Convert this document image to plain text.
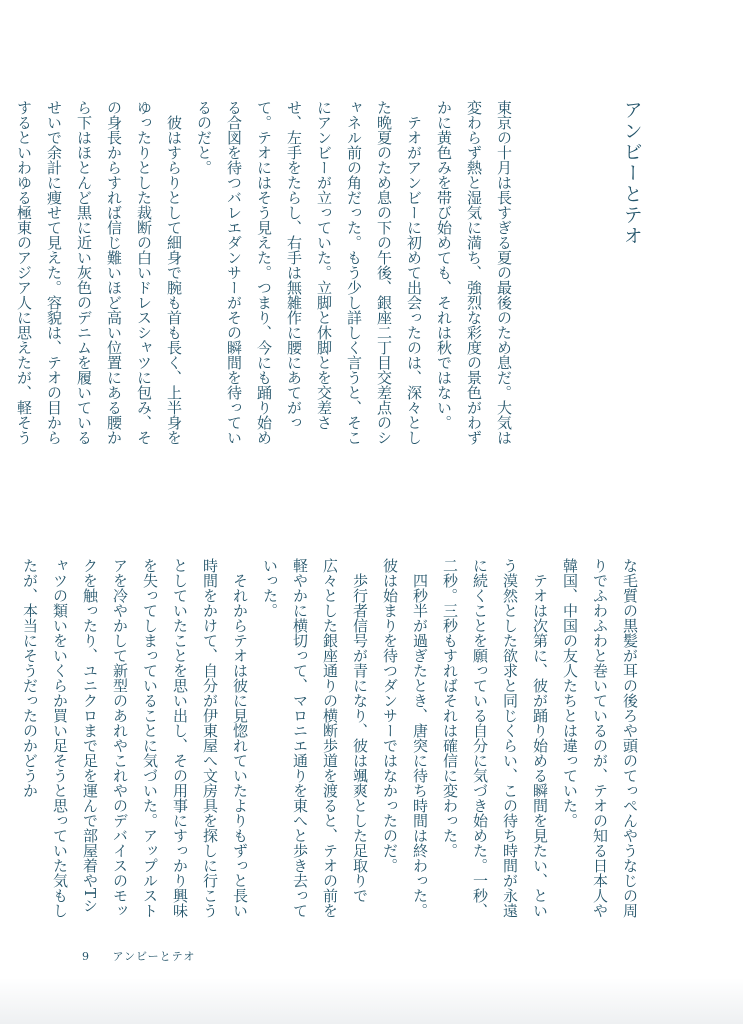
アンビーとテオ

東京の十月は長すぎる夏の最後のため息だ。大気は変わらず熱と湿気に満ち、強烈な彩度の景色がわずかに黄色みを帯び始めても、それは秋ではない。

テオがアンビーに初めて出会ったのは、深々とした晩夏のため息の下の午後、銀座二丁目交差点のシャネル前の角だった。もう少し詳しく言うと、そこにアンビーが立っていた。立脚と休脚とを交差させ、左手をたらし、右手は無雑作に腰にあてがって。テオにはそう見えた。つまり、今にも踊り始める合図を待つバレエダンサーがその瞬間を待っているのだと。

彼はすらりとして細身で腕も首も長く、上半身をゆったりとした裁断の白いドレスシャツに包み、その身長からすれば信じ難いほど高い位置にある腰から下はほとんど黒に近い灰色のデニムを履いているせいで余計に痩せて見えた。容貌は、テオの目からするといわゆる極東のアジア人に思えたが、軽そう

な毛質の黒髪が耳の後ろや頭のてっぺんやうなじの周りでふわふわと巻いているのが、テオの知る日本人や韓国、中国の友人たちとは違っていた。

テオは次第に、彼が踊り始める瞬間を見たい、という漠然とした欲求と同じくらい、この待ち時間が永遠に続くことを願っている自分に気づき始めた。一秒、二秒。三秒もすればそれは確信に変わった。

四秒半が過ぎたとき、唐突に待ち時間は終わった。彼は始まりを待つダンサーではなかったのだ。

歩行者信号が青になり、彼は颯爽とした足取りで広々とした銀座通りの横断歩道を渡ると、テオの前を軽やかに横切って、マロニエ通りを東へと歩き去っていった。

それからテオは彼に見惚れていたよりもずっと長い時間をかけて、自分が伊東屋へ文房具を探しに行こうとしていたことを思い出し、その用事にすっかり興味を失ってしまっていることに気づいた。アップルストアを冷やかして新型のあれやこれやのデバイスのモックを触ったり、ユニクロまで足を運んで部屋着やTシャツの類いをいくらか買い足そうと思っていた気もしたが、本当にそうだったのかどうか

9 アンビーとテオ
